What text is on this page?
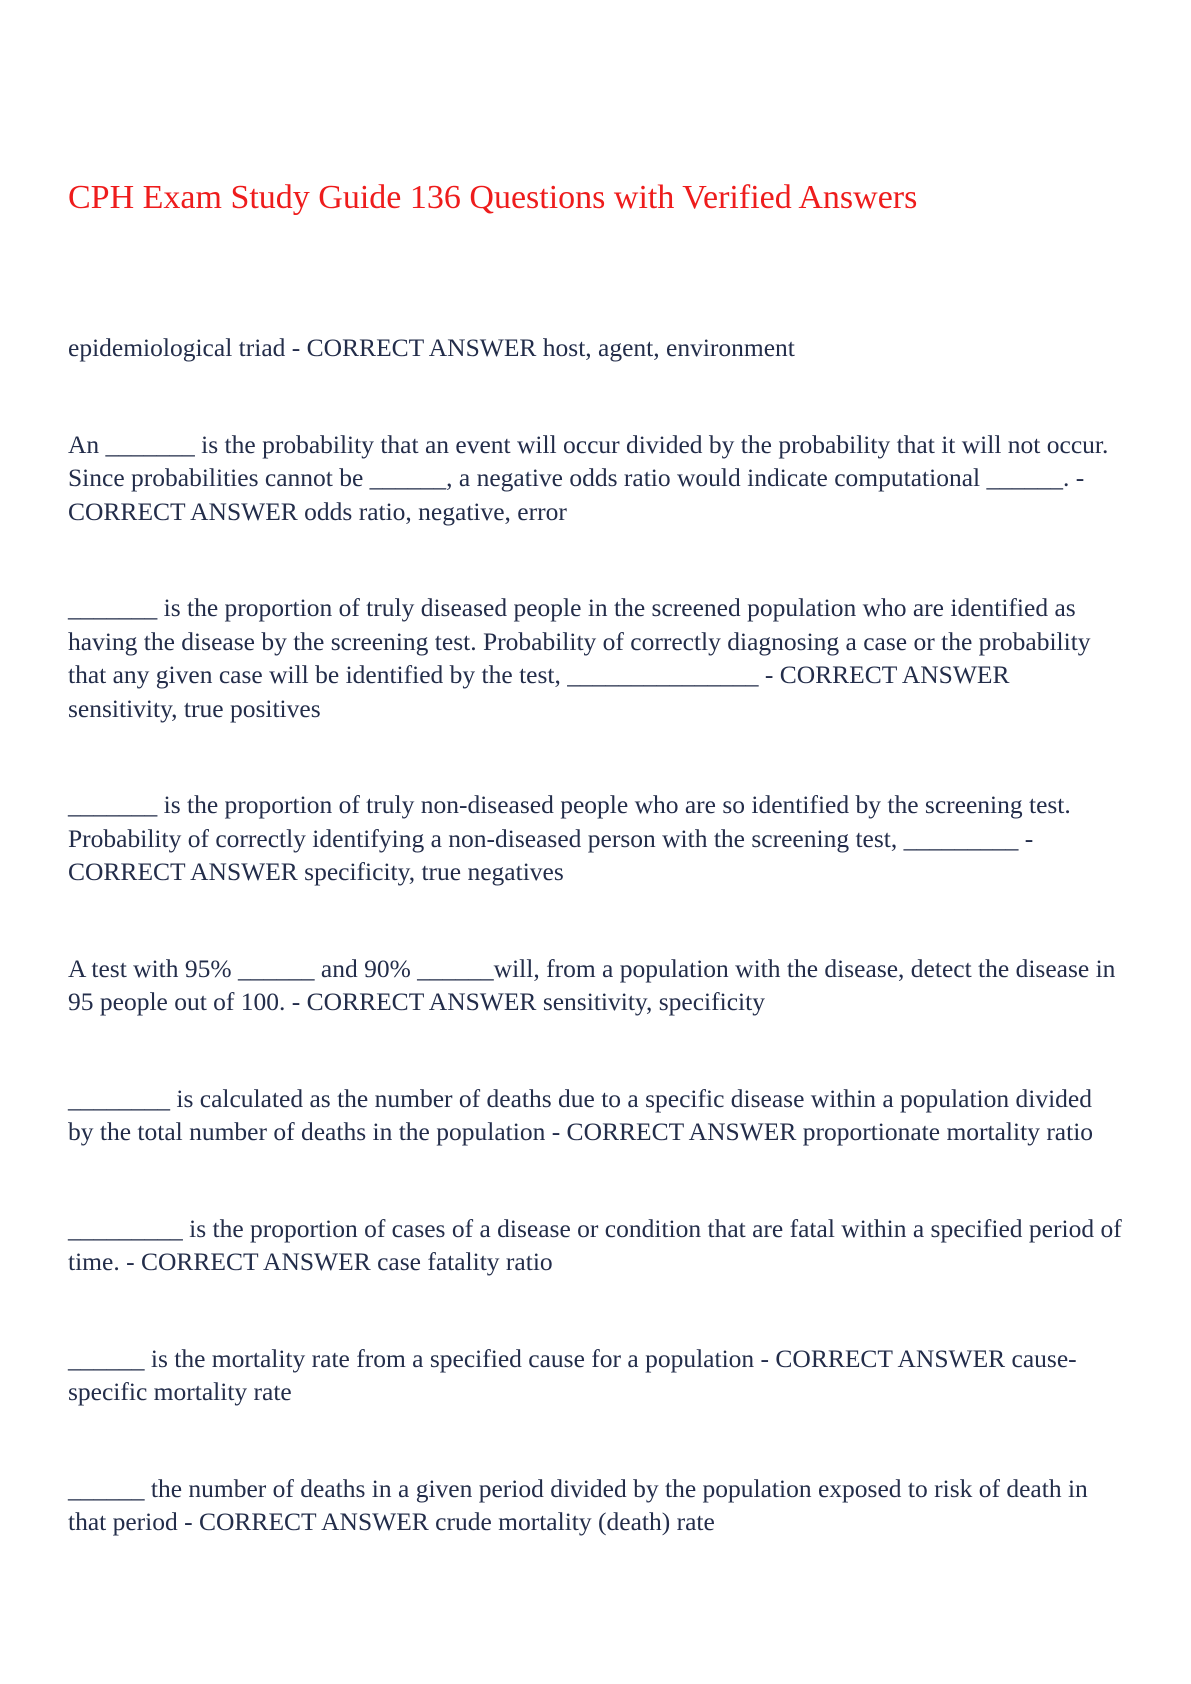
CPH Exam Study Guide 136 Questions with Verified Answers

epidemiological triad - CORRECT ANSWER host, agent, environment

An _______ is the probability that an event will occur divided by the probability that it will not occur. Since probabilities cannot be ______, a negative odds ratio would indicate computational ______. - CORRECT ANSWER odds ratio, negative, error

_______ is the proportion of truly diseased people in the screened population who are identified as having the disease by the screening test. Probability of correctly diagnosing a case or the probability that any given case will be identified by the test, _______________ - CORRECT ANSWER sensitivity, true positives

_______ is the proportion of truly non-diseased people who are so identified by the screening test. Probability of correctly identifying a non-diseased person with the screening test, _________ - CORRECT ANSWER specificity, true negatives

A test with 95% ______ and 90% ______will, from a population with the disease, detect the disease in 95 people out of 100. - CORRECT ANSWER sensitivity, specificity

________ is calculated as the number of deaths due to a specific disease within a population divided by the total number of deaths in the population - CORRECT ANSWER proportionate mortality ratio

_________ is the proportion of cases of a disease or condition that are fatal within a specified period of time. - CORRECT ANSWER case fatality ratio

______ is the mortality rate from a specified cause for a population - CORRECT ANSWER cause-specific mortality rate

______ the number of deaths in a given period divided by the population exposed to risk of death in that period - CORRECT ANSWER crude mortality (death) rate
